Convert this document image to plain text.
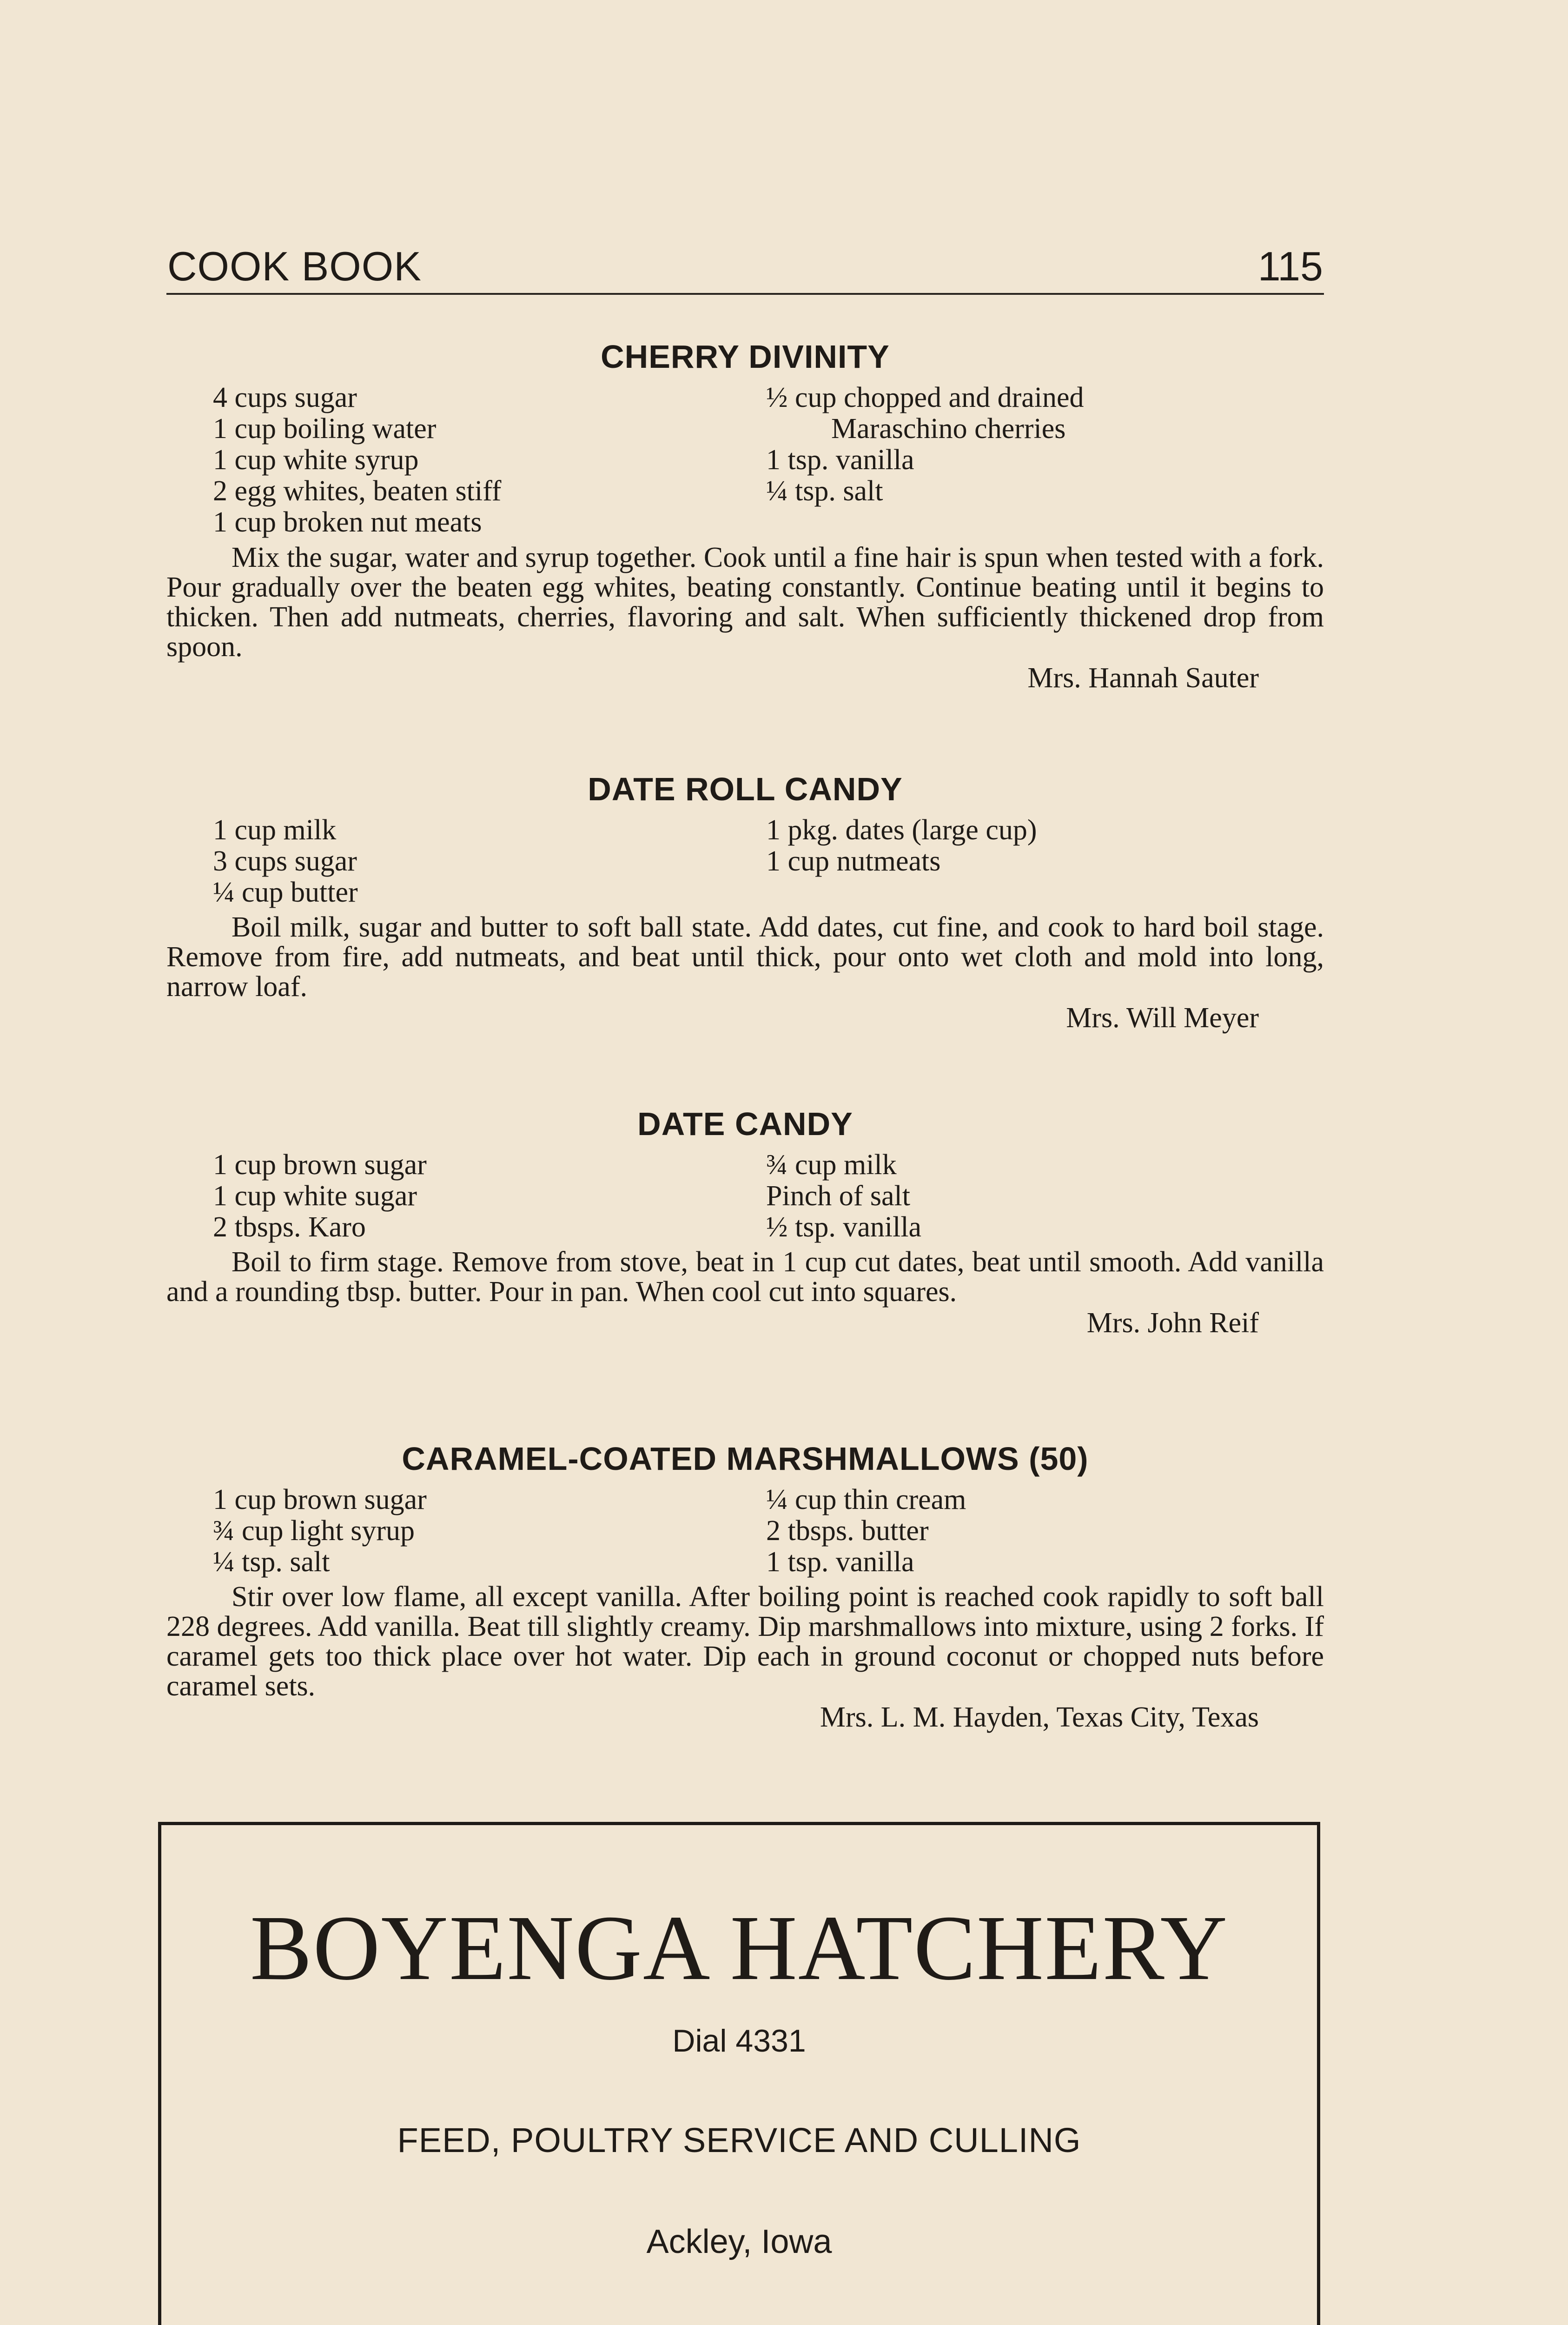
COOK BOOK	115
CHERRY DIVINITY
4 cups sugar
1 cup boiling water
1 cup white syrup
2 egg whites, beaten stiff
1 cup broken nut meats
½ cup chopped and drained
Maraschino cherries
1 tsp. vanilla
¼ tsp. salt

Mix the sugar, water and syrup together. Cook until a fine hair is spun when tested with a fork. Pour gradually over the beaten egg whites, beating constantly. Continue beating until it begins to thicken. Then add nutmeats, cherries, flavoring and salt. When sufficiently thickened drop from spoon.

Mrs. Hannah Sauter
DATE ROLL CANDY
1 cup milk
3 cups sugar
¼ cup butter
1 pkg. dates (large cup)
1 cup nutmeats

Boil milk, sugar and butter to soft ball state. Add dates, cut fine, and cook to hard boil stage. Remove from fire, add nutmeats, and beat until thick, pour onto wet cloth and mold into long, narrow loaf.

Mrs. Will Meyer
DATE CANDY
1 cup brown sugar
1 cup white sugar
2 tbsps. Karo
¾ cup milk
Pinch of salt
½ tsp. vanilla

Boil to firm stage. Remove from stove, beat in 1 cup cut dates, beat until smooth. Add vanilla and a rounding tbsp. butter. Pour in pan. When cool cut into squares.

Mrs. John Reif
CARAMEL-COATED MARSHMALLOWS (50)
1 cup brown sugar
¾ cup light syrup
¼ tsp. salt
¼ cup thin cream
2 tbsps. butter
1 tsp. vanilla

Stir over low flame, all except vanilla. After boiling point is reached cook rapidly to soft ball 228 degrees. Add vanilla. Beat till slightly creamy. Dip marshmallows into mixture, using 2 forks. If caramel gets too thick place over hot water. Dip each in ground coconut or chopped nuts before caramel sets.

Mrs. L. M. Hayden, Texas City, Texas
BOYENGA HATCHERY
Dial 4331
FEED, POULTRY SERVICE AND CULLING
Ackley, Iowa
